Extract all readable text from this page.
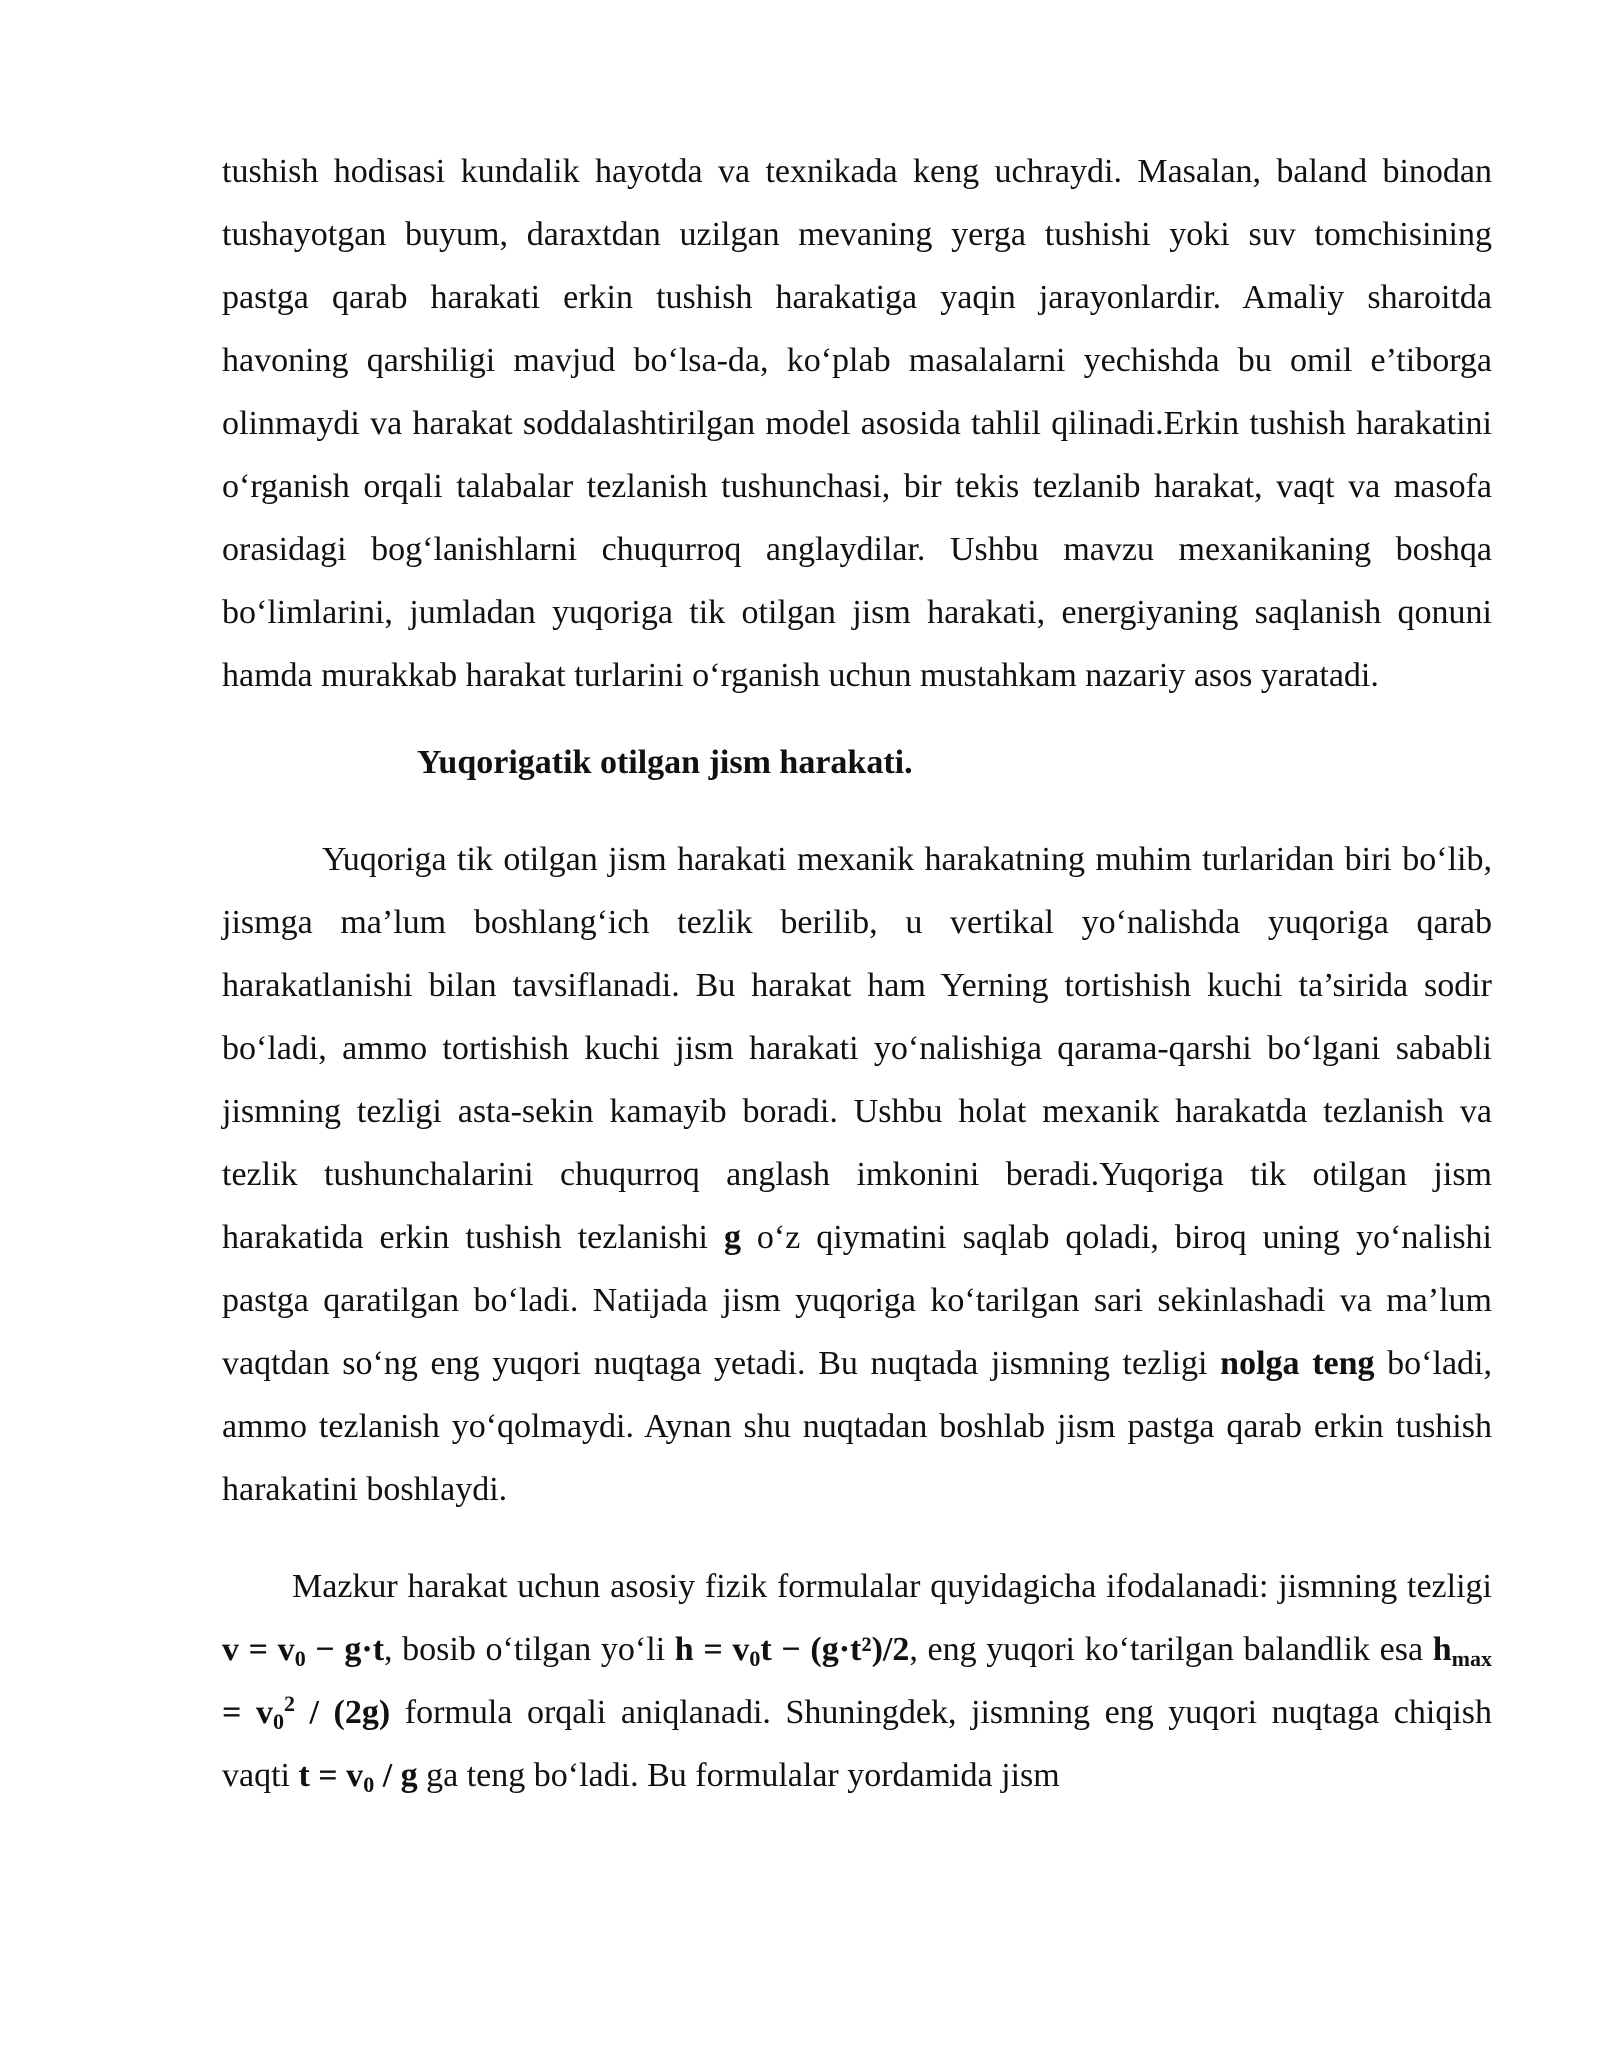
tushish hodisasi kundalik hayotda va texnikada keng uchraydi. Masalan, baland binodan tushayotgan buyum, daraxtdan uzilgan mevaning yerga tushishi yoki suv tomchisining pastga qarab harakati erkin tushish harakatiga yaqin jarayonlardir. Amaliy sharoitda havoning qarshiligi mavjud bo‘lsa-da, ko‘plab masalalarni yechishda bu omil e’tiborga olinmaydi va harakat soddalashtirilgan model asosida tahlil qilinadi.Erkin tushish harakatini o‘rganish orqali talabalar tezlanish tushunchasi, bir tekis tezlanib harakat, vaqt va masofa orasidagi bog‘lanishlarni chuqurroq anglaydilar. Ushbu mavzu mexanikaning boshqa bo‘limlarini, jumladan yuqoriga tik otilgan jism harakati, energiyaning saqlanish qonuni hamda murakkab harakat turlarini o‘rganish uchun mustahkam nazariy asos yaratadi.

Yuqorigatik otilgan jism harakati.

Yuqoriga tik otilgan jism harakati mexanik harakatning muhim turlaridan biri bo‘lib, jismga ma’lum boshlang‘ich tezlik berilib, u vertikal yo‘nalishda yuqoriga qarab harakatlanishi bilan tavsiflanadi. Bu harakat ham Yerning tortishish kuchi ta’sirida sodir bo‘ladi, ammo tortishish kuchi jism harakati yo‘nalishiga qarama-qarshi bo‘lgani sababli jismning tezligi asta-sekin kamayib boradi. Ushbu holat mexanik harakatda tezlanish va tezlik tushunchalarini chuqurroq anglash imkonini beradi.Yuqoriga tik otilgan jism harakatida erkin tushish tezlanishi g o‘z qiymatini saqlab qoladi, biroq uning yo‘nalishi pastga qaratilgan bo‘ladi. Natijada jism yuqoriga ko‘tarilgan sari sekinlashadi va ma’lum vaqtdan so‘ng eng yuqori nuqtaga yetadi. Bu nuqtada jismning tezligi nolga teng bo‘ladi, ammo tezlanish yo‘qolmaydi. Aynan shu nuqtadan boshlab jism pastga qarab erkin tushish harakatini boshlaydi.

Mazkur harakat uchun asosiy fizik formulalar quyidagicha ifodalanadi: jismning tezligi $v = v_0 - g\cdot t$, bosib o‘tilgan yo‘li $h = v_0t - (g\cdot t^2)/2$, eng yuqori ko‘tarilgan balandlik esa $h_{max} = v_0^2 / (2g)$ formula orqali aniqlanadi. Shuningdek, jismning eng yuqori nuqtaga chiqish vaqti $t = v_0 / g$ ga teng bo‘ladi. Bu formulalar yordamida jism
